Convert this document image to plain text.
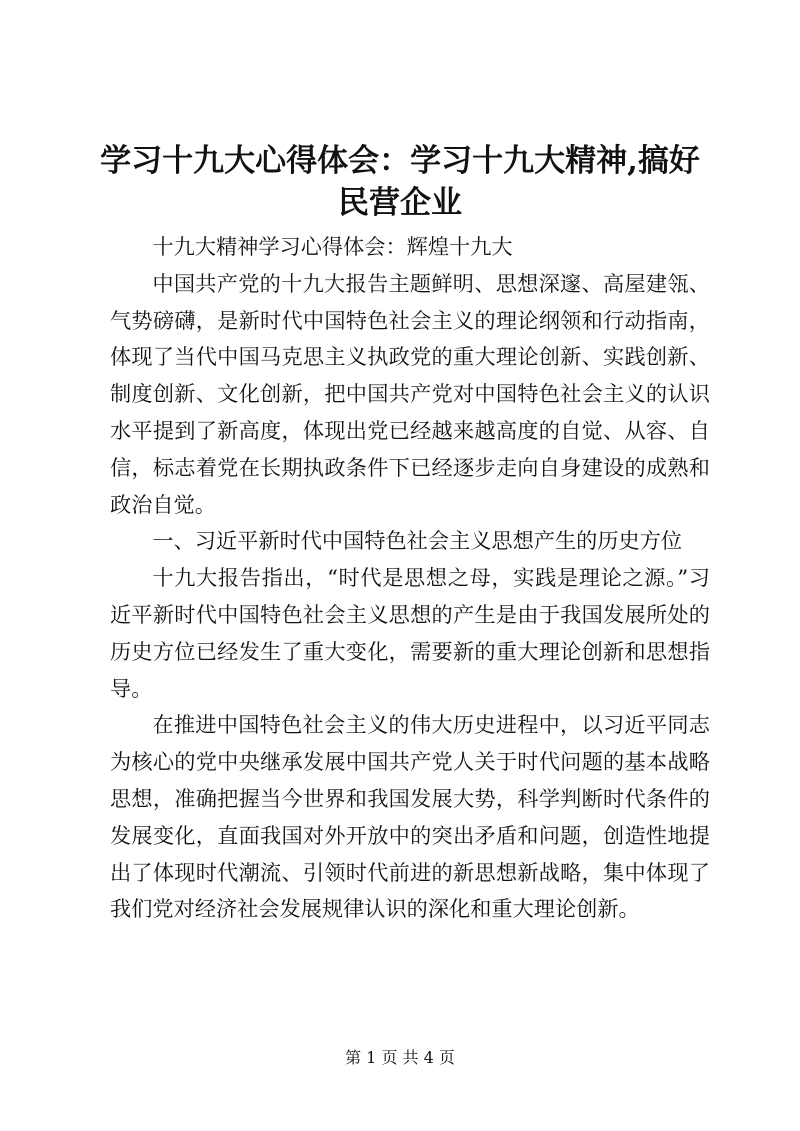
学习十九大心得体会：学习十九大精神,搞好
民营企业

十九大精神学习心得体会：辉煌十九大

中国共产党的十九大报告主题鲜明、思想深邃、高屋建瓴、气势磅礴，是新时代中国特色社会主义的理论纲领和行动指南，体现了当代中国马克思主义执政党的重大理论创新、实践创新、制度创新、文化创新，把中国共产党对中国特色社会主义的认识水平提到了新高度，体现出党已经越来越高度的自觉、从容、自信，标志着党在长期执政条件下已经逐步走向自身建设的成熟和政治自觉。

一、习近平新时代中国特色社会主义思想产生的历史方位

十九大报告指出，“时代是思想之母，实践是理论之源。”习近平新时代中国特色社会主义思想的产生是由于我国发展所处的历史方位已经发生了重大变化，需要新的重大理论创新和思想指导。

在推进中国特色社会主义的伟大历史进程中，以习近平同志为核心的党中央继承发展中国共产党人关于时代问题的基本战略思想，准确把握当今世界和我国发展大势，科学判断时代条件的发展变化，直面我国对外开放中的突出矛盾和问题，创造性地提出了体现时代潮流、引领时代前进的新思想新战略，集中体现了我们党对经济社会发展规律认识的深化和重大理论创新。

第 1 页 共 4 页
